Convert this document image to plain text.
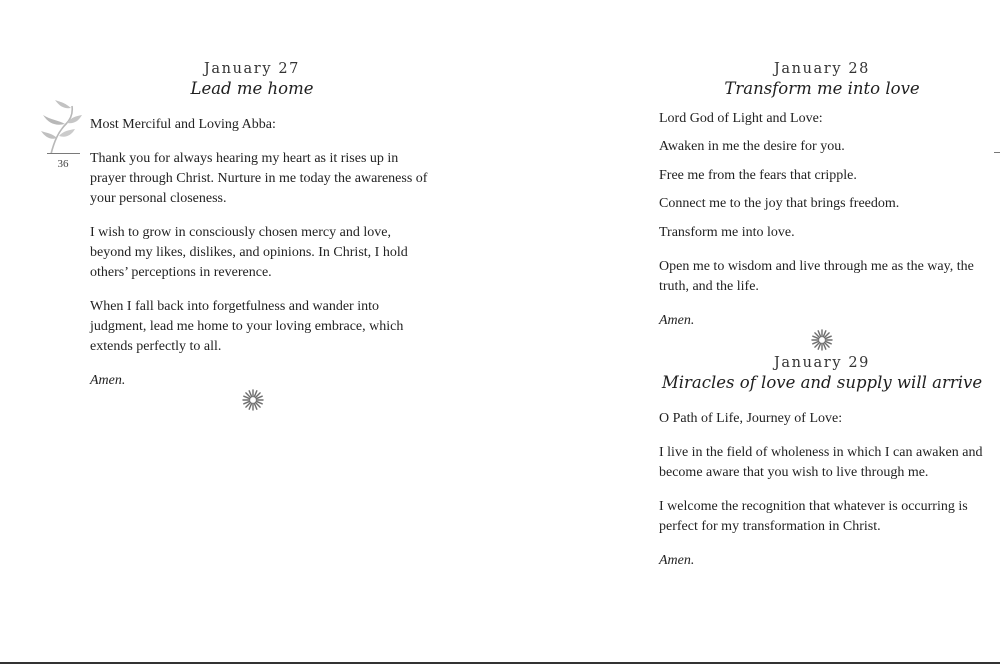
36
January 27
Lead me home

Most Merciful and Loving Abba:

Thank you for always hearing my heart as it rises up in prayer through Christ. Nurture in me today the awareness of your personal closeness.

I wish to grow in consciously chosen mercy and love, beyond my likes, dislikes, and opinions. In Christ, I hold others’ perceptions in reverence.

When I fall back into forgetfulness and wander into judgment, lead me home to your loving embrace, which extends perfectly to all.

Amen.

January 28
Transform me into love

Lord God of Light and Love:

Awaken in me the desire for you.

Free me from the fears that cripple.

Connect me to the joy that brings freedom.

Transform me into love.

Open me to wisdom and live through me as the way, the truth, and the life.

Amen.

January 29
Miracles of love and supply will arrive

O Path of Life, Journey of Love:

I live in the field of wholeness in which I can awaken and become aware that you wish to live through me.

I welcome the recognition that whatever is occurring is perfect for my transformation in Christ.

Amen.
